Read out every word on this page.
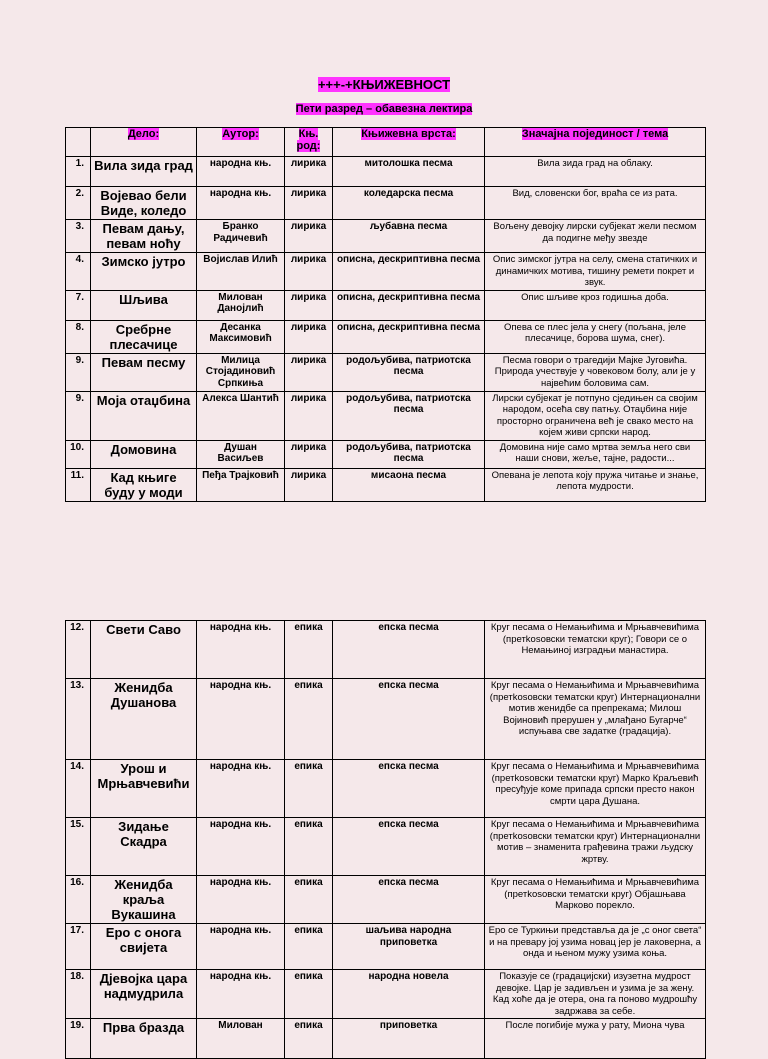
+++-+КЊИЖЕВНОСТ
Пети разред – обавезна лектира
	Дело:	Аутор:	Књ. род:	Књижевна врста:	Значајна појединост / тема
1.	Вила зида град	народна књ.	лирика	митолошка песма	Вила зида град на облаку.
2.	Војевао бели Виде, коледо	народна књ.	лирика	коледарска песма	Вид, словенски бог, враћа се из рата.
3.	Певам дању, певам ноћу	Бранко Радичевић	лирика	љубавна песма	Вољену девојку лирски субјекат жели песмом да подигне међу звезде
4.	Зимско јутро	Војислав Илић	лирика	описна, дескриптивна песма	Опис зимског јутра на селу, смена статичких и динамичких мотива, тишину ремети покрет и звук.
7.	Шљива	Милован Данојлић	лирика	описна, дескриптивна песма	Опис шљиве кроз годишња доба.
8.	Сребрне плесачице	Десанка Максимовић	лирика	описна, дескриптивна песма	Опева се плес јела у снегу (пољана, јеле плесачице, борова шума, снег).
9.	Певам песму	Милица Стојадиновић Српкиња	лирика	родољубива, патриотска песма	Песма говори о трагедији Мајке Југовића. Природа учествује у човековом болу, али је у највећим боловима сам.
9.	Моја отаџбина	Алекса Шантић	лирика	родољубива, патриотска песма	Лирски субјекат је потпуно сједињен са својим народом, осећа сву патњу. Отаџбина није просторно ограничена већ је свако место на којем живи српски народ.
10.	Домовина	Душан Васиљев	лирика	родољубива, патриотска песма	Домовина није само мртва земља него сви наши снови, жеље, тајне, радости...
11.	Кад књиге буду у моди	Пеђа Трајковић	лирика	мисаона песма	Опевана је лепота коју пружа читање и знање, лепота мудрости.
12.	Свети Саво	народна књ.	епика	епска песма	Круг песама о Немањићима и Мрњавчевићима (претkosовски тематски круг); Говори се о Немањиној изградњи манастира.
13.	Женидба Душанова	народна књ.	епика	епска песма	Круг песама о Немањићима и Мрњавчевићима (претkosовски тематски круг) Интернационални мотив женидбе са препрекама; Милош Војиновић прерушен у „млађано Бугарче“ испуњава све задатке (градација).
14.	Урош и Мрњавчевићи	народна књ.	епика	епска песма	Круг песама о Немањићима и Мрњавчевићима (претkosовски тематски круг) Марко Краљевић пресуђује коме припада српски престо након смрти цара Душана.
15.	Зидање Скадра	народна књ.	епика	епска песма	Круг песама о Немањићима и Мрњавчевићима (претkosовски тематски круг) Интернационални мотив – знаменита грађевина тражи људску жртву.
16.	Женидба краља Вукашина	народна књ.	епика	епска песма	Круг песама о Немањићима и Мрњавчевићима (претkosовски тематски круг) Објашњава Марково порекло.
17.	Еро с онога свијета	народна књ.	епика	шаљива народна приповетка	Еро се Туркињи представља да је „с оног света“ и на превару јој узима новац јер је лаковерна, а онда и њеном мужу узима коња.
18.	Дјевојка цара надмудрила	народна књ.	епика	народна новела	Показује се (градацијски) изузетна мудрост девојке. Цар је задивљен и узима је за жену. Кад хоће да је отера, она га поново мудрошћу задржава за себе.
19.	Прва бразда	Милован	епика	приповетка	После погибије мужа у рату, Миона чува
